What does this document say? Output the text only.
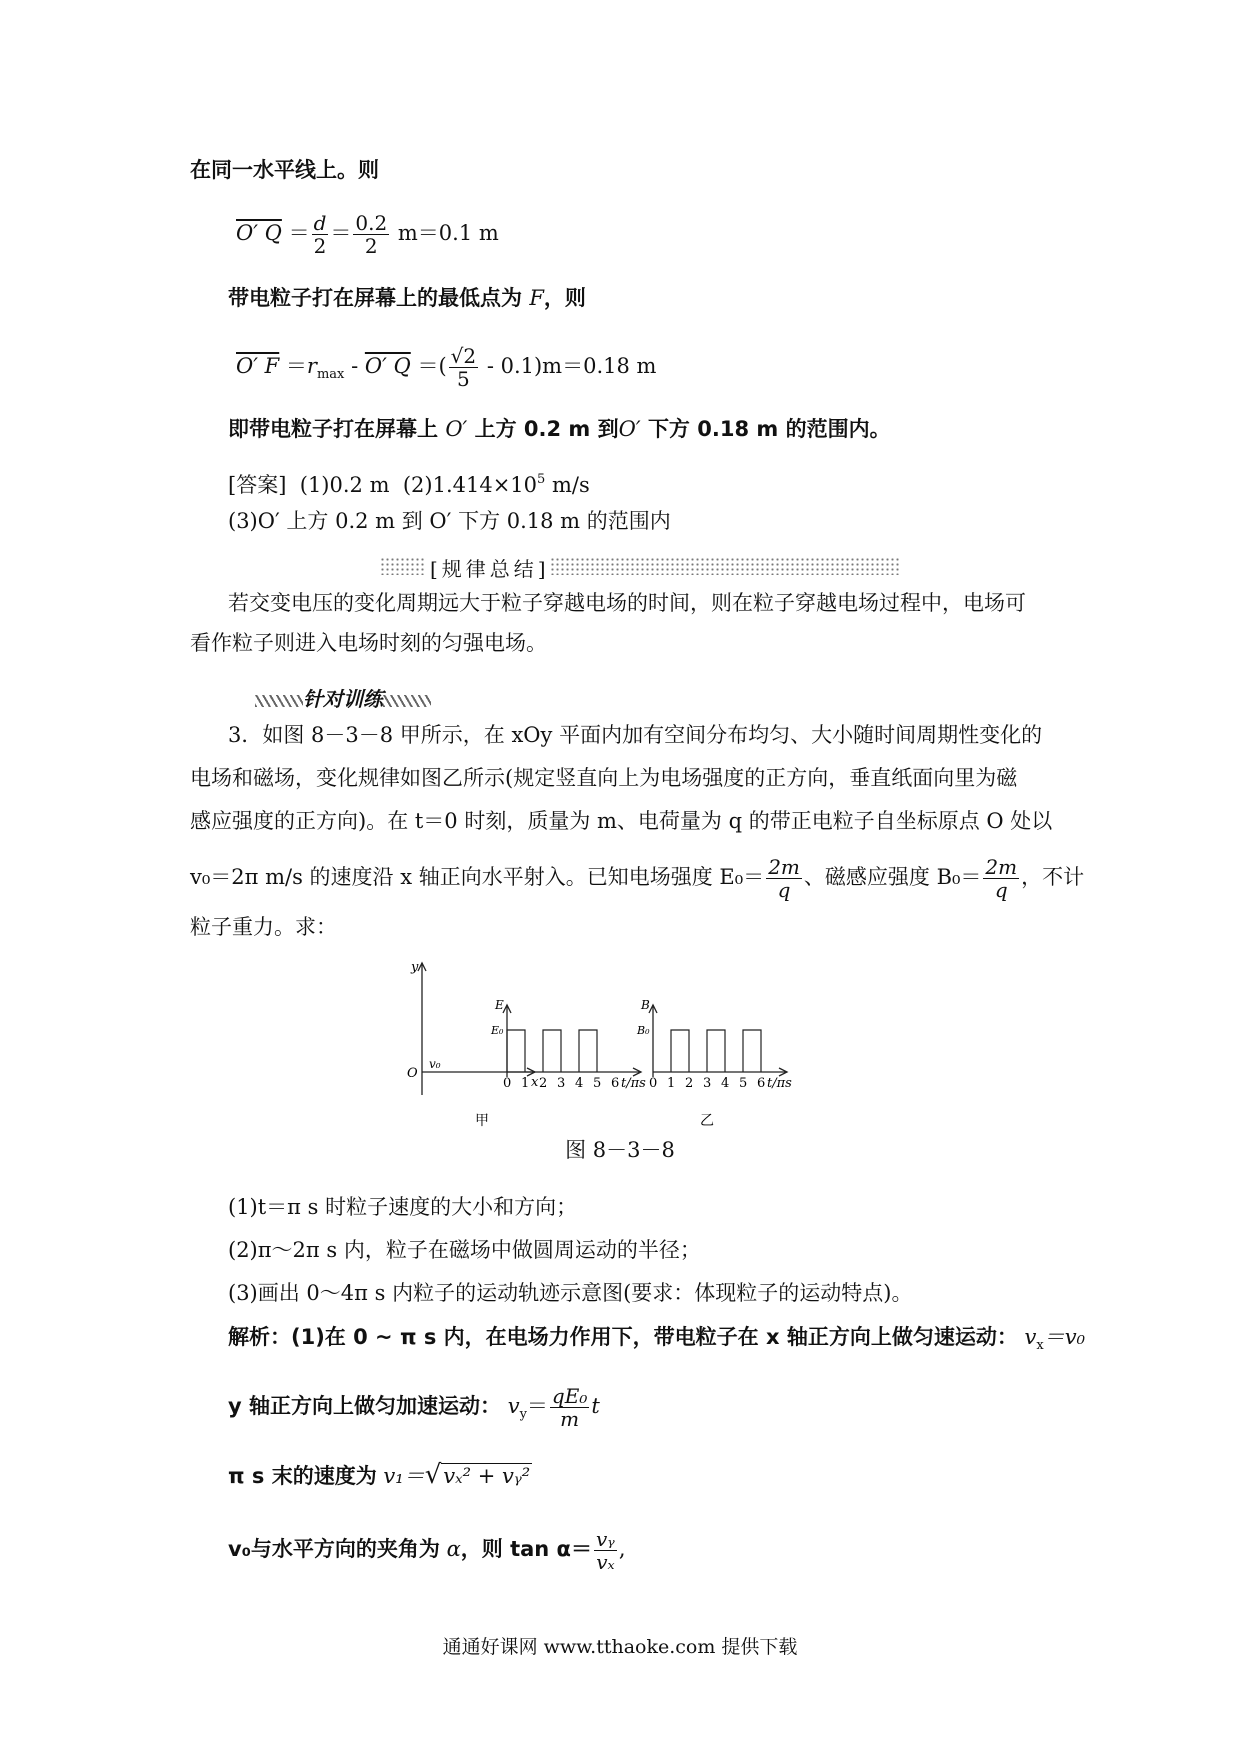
在同一水平线上。则
O′ $Q = \frac{d}{2} = \frac{0.2}{2} m=0.1$ m
带电粒子打在屏幕上的最低点为 F，则
O′ $F =r_{max} - O'$ Q ＝( $\frac{√2}{5} - 0.1)m=0.18$ m
即带电粒子打在屏幕上 O′ 上方 0.2 m 到O′ 下方 0.18 m 的范围内。
[答案] (1)0.2 m $(2)1.414\times 10^5$ m/s
(3)O′ 上方 0.2 m 到 O′ 下方 0.18 m 的范围内
[规律总结]
若交变电压的变化周期远大于粒子穿越电场的时间，则在粒子穿越电场过程中，电场可
看作粒子则进入电场时刻的匀强电场。
针对训练
3．如图 8－3－8 甲所示，在 xOy 平面内加有空间分布均匀、大小随时间周期性变化的
电场和磁场，变化规律如图乙所示(规定竖直向上为电场强度的正方向，垂直纸面向里为磁
感应强度的正方向)。在 t＝0 时刻，质量为 m、电荷量为 q 的带正电粒子自坐标原点 O 处以
v₀＝2π m/s 的速度沿 x 轴正向水平射入。已知电场强度 $E_0= \frac{2m}{q}$ 、磁感应强度 $B_0= \frac{2m}{q}$ ，不计
粒子重力。求：
y
x
O
v₀
甲
E
E₀
0 1 2 3 4 5 6 t/πs
B
B₀
0 1 2 3 4 5 6 t/πs
乙
图 8－3－8
(1)t＝π s 时粒子速度的大小和方向；
(2)π～2π s 内，粒子在磁场中做圆周运动的半径；
(3)画出 0～4π s 内粒子的运动轨迹示意图(要求：体现粒子的运动特点)。
解析：(1)在 0 ~ π s 内，在电场力作用下，带电粒子在 x 轴正方向上做匀速运动： $v_x=v_0$
y 轴正方向上做匀加速运动： $v_y= \frac{\text{qE₀}}{m}$ t
π s 末的速度为 v₁＝√vₓ² + vᵧ²
v₀与水平方向的夹角为 α，则 $\tan \alpha= \frac{\text{vᵧ}}{\text{vₓ}}$ ,
通通好课网 www.tthaoke.com 提供下载
